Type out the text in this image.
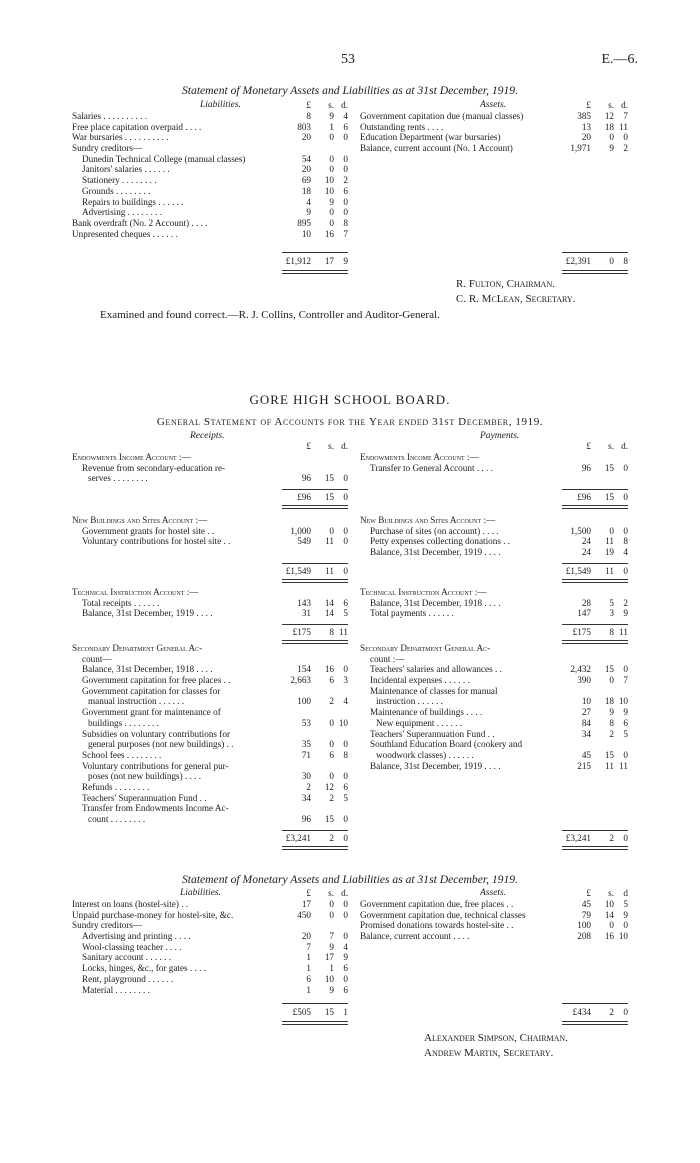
53	E.—6.
Statement of Monetary Assets and Liabilities as at 31st December, 1919.
Liabilities.	Assets.
£ s. d.	£ s. d.
Salaries . . . . . . . . . .	8 9 4
Free place capitation overpaid . . . .	803 1 6
War bursaries . . . . . . . . . .	20 0 0
Sundry creditors—
Dunedin Technical College (manual classes)	54 0 0
Janitors' salaries . . . . . .	20 0 0
Stationery . . . . . . . .	69 10 2
Grounds . . . . . . . .	18 10 6
Repairs to buildings . . . . . .	4 9 0
Advertising . . . . . . . .	9 0 0
Bank overdraft (No. 2 Account) . . . .	895 0 8
Unpresented cheques . . . . . .	10 16 7
Government capitation due (manual classes)	385 12 7
Outstanding rents . . . .	13 18 11
Education Department (war bursaries)	20 0 0
Balance, current account (No. 1 Account)	1,971 9 2
£1,912 17 9	£2,391 0 8
R. Fulton, Chairman.
C. R. McLean, Secretary.
Examined and found correct.—R. J. Collins, Controller and Auditor-General.
GORE HIGH SCHOOL BOARD.
General Statement of Accounts for the Year ended 31st December, 1919.
Receipts.	Payments.
£ s. d.	£ s. d.
Endowments Income Account :—
Revenue from secondary-education re-
serves . . . . . . . .	96 15 0
Endowments Income Account :—
Transfer to General Account . . . .	96 15 0
£96 15 0	£96 15 0
New Buildings and Sites Account :—
Government grants for hostel site . .	1,000 0 0
Voluntary contributions for hostel site . .	549 11 0
New Buildings and Sites Account :—
Purchase of sites (on account) . . . .	1,500 0 0
Petty expenses collecting donations . .	24 11 8
Balance, 31st December, 1919 . . . .	24 19 4
£1,549 11 0	£1,549 11 0
Technical Instruction Account :—
Total receipts . . . . . .	143 14 6
Balance, 31st December, 1919 . . . .	31 14 5
Technical Instruction Account :—
Balance, 31st December, 1918 . . . .	28 5 2
Total payments . . . . . .	147 3 9
£175 8 11	£175 8 11
Secondary Department General Ac-
count—
Balance, 31st December, 1918 . . . .	154 16 0
Government capitation for free places . .	2,663 6 3
Government capitation for classes for
manual instruction . . . . . .	100 2 4
Government grant for maintenance of
buildings . . . . . . . .	53 0 10
Subsidies on voluntary contributions for
general purposes (not new buildings) . .	35 0 0
School fees . . . . . . . .	71 6 8
Voluntary contributions for general pur-
poses (not new buildings) . . . .	30 0 0
Refunds . . . . . . . .	2 12 6
Teachers' Superannuation Fund . .	34 2 5
Transfer from Endowments Income Ac-
count . . . . . . . .	96 15 0
Secondary Department General Ac-
count :—
Teachers' salaries and allowances . .	2,432 15 0
Incidental expenses . . . . . .	390 0 7
Maintenance of classes for manual
instruction . . . . . .	10 18 10
Maintenance of buildings . . . .	27 9 9
New equipment . . . . . .	84 8 6
Teachers' Superannuation Fund . .	34 2 5
Southland Education Board (cookery and
woodwork classes) . . . . . .	45 15 0
Balance, 31st December, 1919 . . . .	215 11 11
£3,241 2 0	£3,241 2 0
Statement of Monetary Assets and Liabilities as at 31st December, 1919.
Liabilities.	Assets.
£ s. d.	£ s. d
Interest on loans (hostel-site) . .	17 0 0
Unpaid purchase-money for hostel-site, &c.	450 0 0
Sundry creditors—
Advertising and printing . . . .	20 7 0
Wool-classing teacher . . . .	7 9 4
Sanitary account . . . . . .	1 17 9
Locks, hinges, &c., for gates . . . .	1 1 6
Rent, playground . . . . . .	6 10 0
Material . . . . . . . .	1 9 6
Government capitation due, free places . .	45 10 5
Government capitation due, technical classes	79 14 9
Promised donations towards hostel-site . .	100 0 0
Balance, current account . . . .	208 16 10
£505 15 1	£434 2 0
Alexander Simpson, Chairman.
Andrew Martin, Secretary.
